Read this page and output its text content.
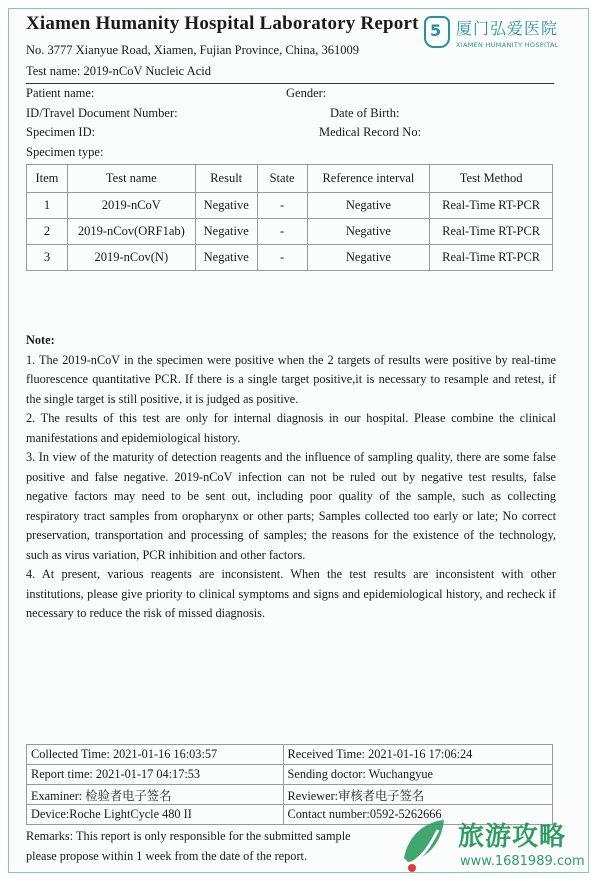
Xiamen Humanity Hospital Laboratory Report 5 厦门弘爱医院
XIAMEN HUMANITY HOSPITAL
No. 3777 Xianyue Road, Xiamen, Fujian Province, China, 361009
Test name: 2019-nCoV Nucleic Acid
Patient name:	Gender:
ID/Travel Document Number:	Date of Birth:
Specimen ID:	Medical Record No:
Specimen type:
Item	Test name	Result	State	Reference interval	Test Method
1	2019-nCoV	Negative	-	Negative	Real-Time RT-PCR
2	2019-nCov(ORF1ab)	Negative	-	Negative	Real-Time RT-PCR
3	2019-nCov(N)	Negative	-	Negative	Real-Time RT-PCR

Note:

1. The 2019-nCoV in the specimen were positive when the 2 targets of results were positive by real-time fluorescence quantitative PCR. If there is a single target positive,it is necessary to resample and retest, if the single target is still positive, it is judged as positive.

2. The results of this test are only for internal diagnosis in our hospital. Please combine the clinical manifestations and epidemiological history.

3. In view of the maturity of detection reagents and the influence of sampling quality, there are some false positive and false negative. 2019-nCoV infection can not be ruled out by negative test results, false negative factors may need to be sent out, including poor quality of the sample, such as collecting respiratory tract samples from oropharynx or other parts; Samples collected too early or late; No correct preservation, transportation and processing of samples; the reasons for the existence of the technology, such as virus variation, PCR inhibition and other factors.

4. At present, various reagents are inconsistent. When the test results are inconsistent with other institutions, please give priority to clinical symptoms and signs and epidemiological history, and recheck if necessary to reduce the risk of missed diagnosis.

Collected Time: 2021-01-16 16:03:57	Received Time: 2021-01-16 17:06:24
Report time: 2021-01-17 04:17:53	Sending doctor: Wuchangyue
Examiner: 检验者电子签名	Reviewer:审核者电子签名
Device:Roche LightCycle 480 II	Contact number:0592-5262666

Remarks: This report is only responsible for the submitted sample

please propose within 1 week from the date of the report.

旅游攻略
www.1681989.com
